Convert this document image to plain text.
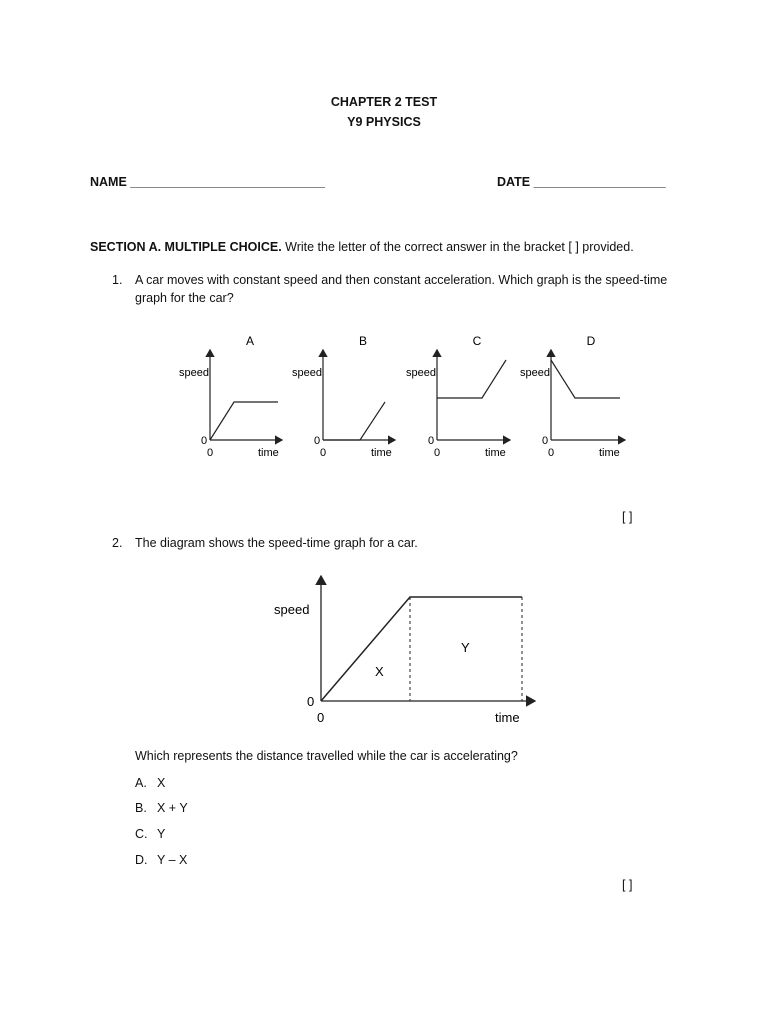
CHAPTER 2 TEST
Y9 PHYSICS
NAME ____________________________	DATE ___________________
SECTION A. MULTIPLE CHOICE. Write the letter of the correct answer in the bracket [ ] provided.
1. A car moves with constant speed and then constant acceleration. Which graph is the speed-time
graph for the car?
A
speed
0
0	time
B
speed
0
0	time
C
speed
0
0	time
D
speed
0
0	time
[ ]
2. The diagram shows the speed-time graph for a car.
speed
0
0	time
X
Y
Which represents the distance travelled while the car is accelerating?
A. X
B. X + Y
C. Y
D. Y – X
[ ]
